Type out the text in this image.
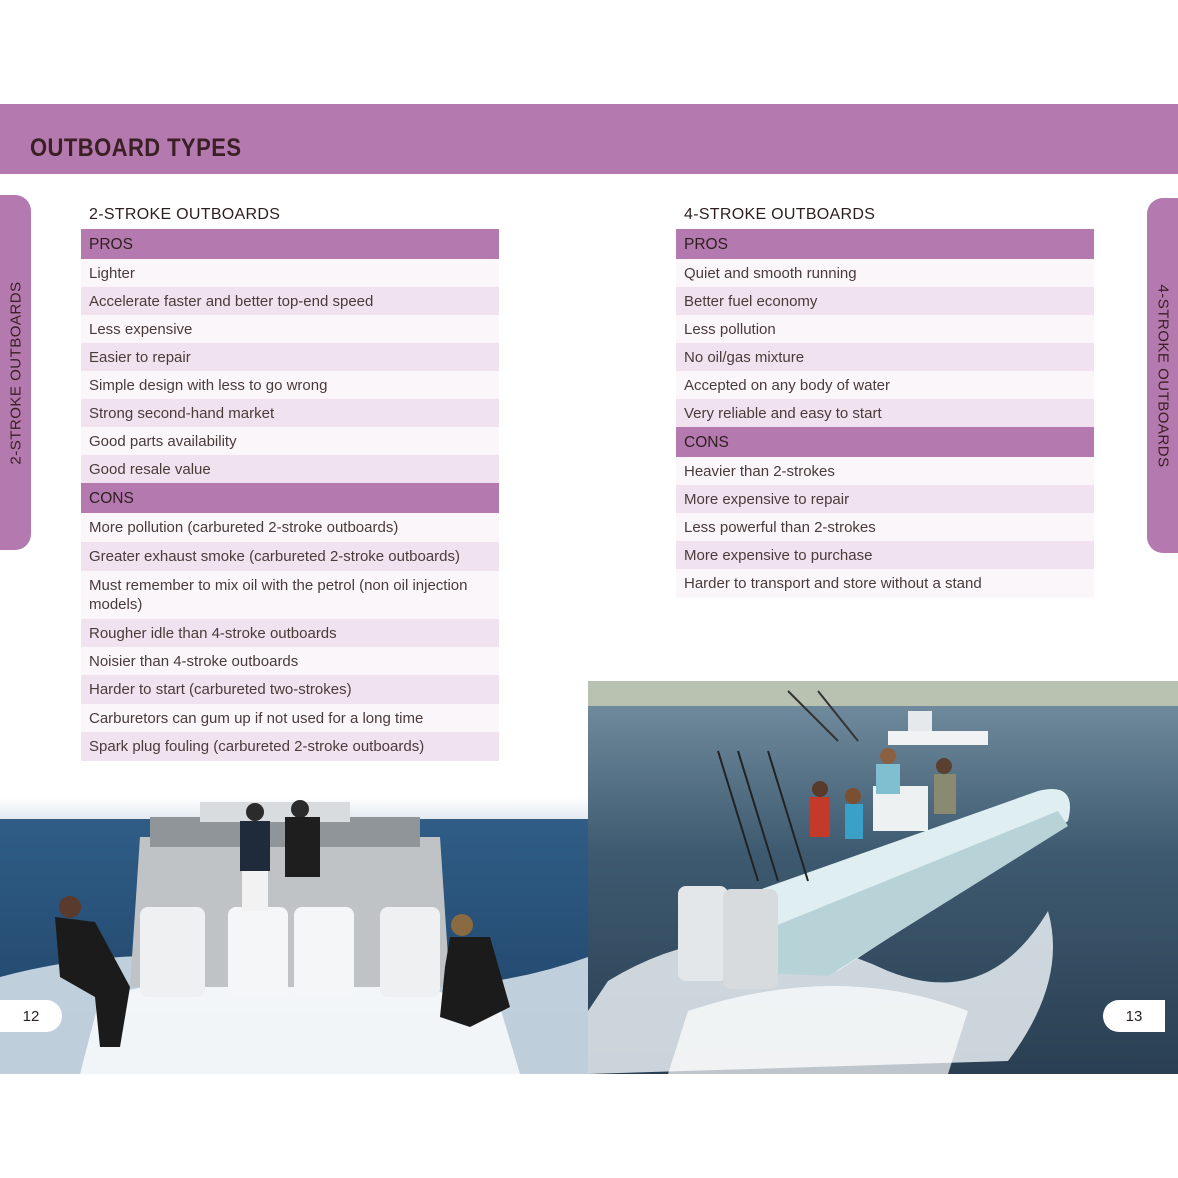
OUTBOARD TYPES
2-STROKE OUTBOARDS	4-STROKE OUTBOARDS
2-STROKE OUTBOARDS
PROS
Lighter
Accelerate faster and better top-end speed
Less expensive
Easier to repair
Simple design with less to go wrong
Strong second-hand market
Good parts availability
Good resale value
CONS
More pollution (carbureted 2-stroke outboards)
Greater exhaust smoke (carbureted 2-stroke outboards)
Must remember to mix oil with the petrol (non oil injection models)
Rougher idle than 4-stroke outboards
Noisier than 4-stroke outboards
Harder to start (carbureted two-strokes)
Carburetors can gum up if not used for a long time
Spark plug fouling (carbureted 2-stroke outboards)
4-STROKE OUTBOARDS
PROS
Quiet and smooth running
Better fuel economy
Less pollution
No oil/gas mixture
Accepted on any body of water
Very reliable and easy to start
CONS
Heavier than 2-strokes
More expensive to repair
Less powerful than 2-strokes
More expensive to purchase
Harder to transport and store without a stand
12	13
